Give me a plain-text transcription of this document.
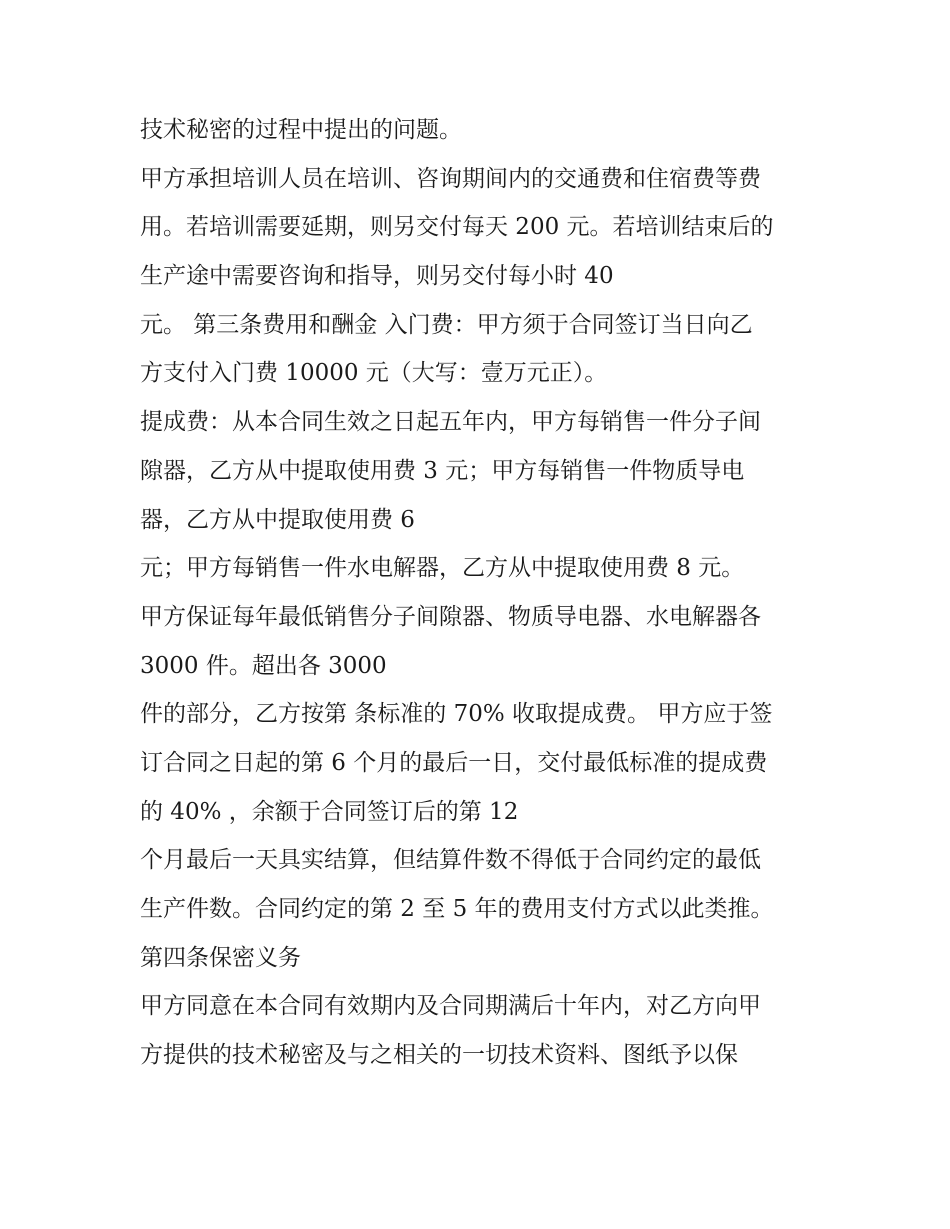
技术秘密的过程中提出的问题。
甲方承担培训人员在培训、咨询期间内的交通费和住宿费等费
用。若培训需要延期，则另交付每天 200 元。若培训结束后的
生产途中需要咨询和指导，则另交付每小时 40
元。 第三条费用和酬金 入门费：甲方须于合同签订当日向乙
方支付入门费 10000 元（大写：壹万元正）。
提成费：从本合同生效之日起五年内，甲方每销售一件分子间
隙器，乙方从中提取使用费 3 元；甲方每销售一件物质导电
器，乙方从中提取使用费 6
元；甲方每销售一件水电解器，乙方从中提取使用费 8 元。
甲方保证每年最低销售分子间隙器、物质导电器、水电解器各
3000 件。超出各 3000
件的部分，乙方按第 条标准的 70% 收取提成费。 甲方应于签
订合同之日起的第 6 个月的最后一日，交付最低标准的提成费
的 40% ，余额于合同签订后的第 12
个月最后一天具实结算，但结算件数不得低于合同约定的最低
生产件数。合同约定的第 2 至 5 年的费用支付方式以此类推。
第四条保密义务
甲方同意在本合同有效期内及合同期满后十年内，对乙方向甲
方提供的技术秘密及与之相关的一切技术资料、图纸予以保
